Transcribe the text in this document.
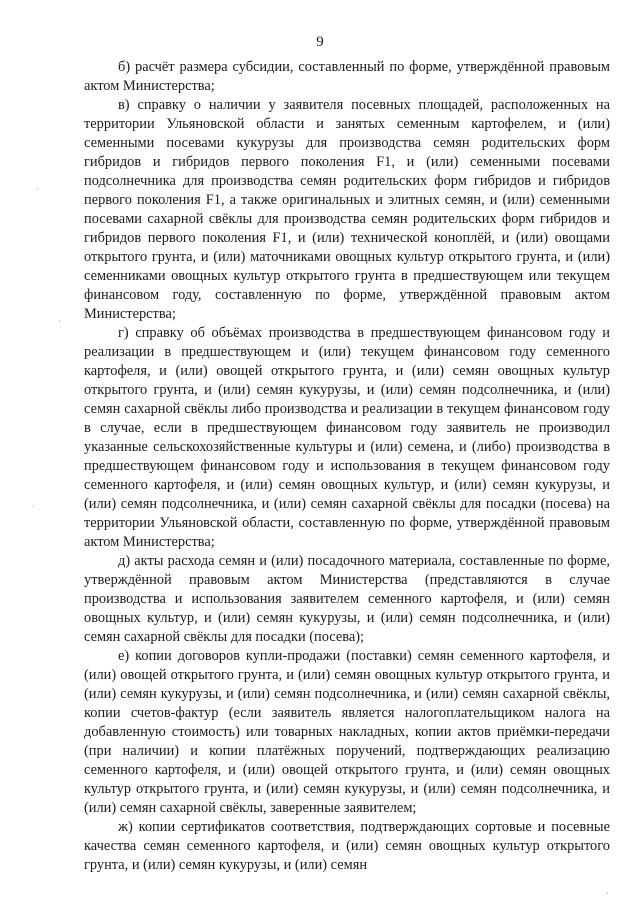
9

б) расчёт размера субсидии, составленный по форме, утверждённой правовым актом Министерства;

в) справку о наличии у заявителя посевных площадей, расположенных на территории Ульяновской области и занятых семенным картофелем, и (или) семенными посевами кукурузы для производства семян родительских форм гибридов и гибридов первого поколения F1, и (или) семенными посевами подсолнечника для производства семян родительских форм гибридов и гибридов первого поколения F1, а также оригинальных и элитных семян, и (или) семенными посевами сахарной свёклы для производства семян родительских форм гибридов и гибридов первого поколения F1, и (или) технической коноплёй, и (или) овощами открытого грунта, и (или) маточниками овощных культур открытого грунта, и (или) семенниками овощных культур открытого грунта в предшествующем или текущем финансовом году, составленную по форме, утверждённой правовым актом Министерства;

г) справку об объёмах производства в предшествующем финансовом году и реализации в предшествующем и (или) текущем финансовом году семенного картофеля, и (или) овощей открытого грунта, и (или) семян овощных культур открытого грунта, и (или) семян кукурузы, и (или) семян подсолнечника, и (или) семян сахарной свёклы либо производства и реализации в текущем финансовом году в случае, если в предшествующем финансовом году заявитель не производил указанные сельскохозяйственные культуры и (или) семена, и (либо) производства в предшествующем финансовом году и использования в текущем финансовом году семенного картофеля, и (или) семян овощных культур, и (или) семян кукурузы, и (или) семян подсолнечника, и (или) семян сахарной свёклы для посадки (посева) на территории Ульяновской области, составленную по форме, утверждённой правовым актом Министерства;

д) акты расхода семян и (или) посадочного материала, составленные по форме, утверждённой правовым актом Министерства (представляются в случае производства и использования заявителем семенного картофеля, и (или) семян овощных культур, и (или) семян кукурузы, и (или) семян подсолнечника, и (или) семян сахарной свёклы для посадки (посева);

е) копии договоров купли-продажи (поставки) семян семенного картофеля, и (или) овощей открытого грунта, и (или) семян овощных культур открытого грунта, и (или) семян кукурузы, и (или) семян подсолнечника, и (или) семян сахарной свёклы, копии счетов-фактур (если заявитель является налогоплательщиком налога на добавленную стоимость) или товарных накладных, копии актов приёмки-передачи (при наличии) и копии платёжных поручений, подтверждающих реализацию семенного картофеля, и (или) овощей открытого грунта, и (или) семян овощных культур открытого грунта, и (или) семян кукурузы, и (или) семян подсолнечника, и (или) семян сахарной свёклы, заверенные заявителем;

ж) копии сертификатов соответствия, подтверждающих сортовые и посевные качества семян семенного картофеля, и (или) семян овощных культур открытого грунта, и (или) семян кукурузы, и (или) семян

·
·
·
·
